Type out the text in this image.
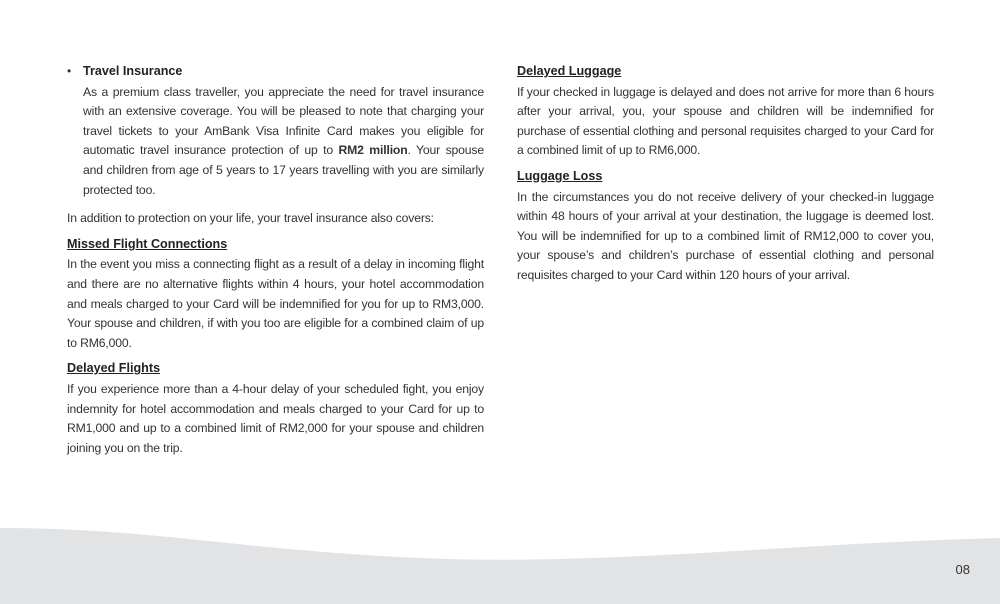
• Travel Insurance

As a premium class traveller, you appreciate the need for travel insurance with an extensive coverage. You will be pleased to note that charging your travel tickets to your AmBank Visa Infinite Card makes you eligible for automatic travel insurance protection of up to RM2 million. Your spouse and children from age of 5 years to 17 years travelling with you are similarly protected too.

In addition to protection on your life, your travel insurance also covers:

Missed Flight Connections

In the event you miss a connecting flight as a result of a delay in incoming flight and there are no alternative flights within 4 hours, your hotel accommodation and meals charged to your Card will be indemnified for you for up to RM3,000. Your spouse and children, if with you too are eligible for a combined claim of up to RM6,000.

Delayed Flights

If you experience more than a 4-hour delay of your scheduled fight, you enjoy indemnity for hotel accommodation and meals charged to your Card for up to RM1,000 and up to a combined limit of RM2,000 for your spouse and children joining you on the trip.

Delayed Luggage

If your checked in luggage is delayed and does not arrive for more than 6 hours after your arrival, you, your spouse and children will be indemnified for purchase of essential clothing and personal requisites charged to your Card for a combined limit of up to RM6,000.

Luggage Loss

In the circumstances you do not receive delivery of your checked-in luggage within 48 hours of your arrival at your destination, the luggage is deemed lost. You will be indemnified for up to a combined limit of RM12,000 to cover you, your spouse’s and children’s purchase of essential clothing and personal requisites charged to your Card within 120 hours of your arrival.

08
